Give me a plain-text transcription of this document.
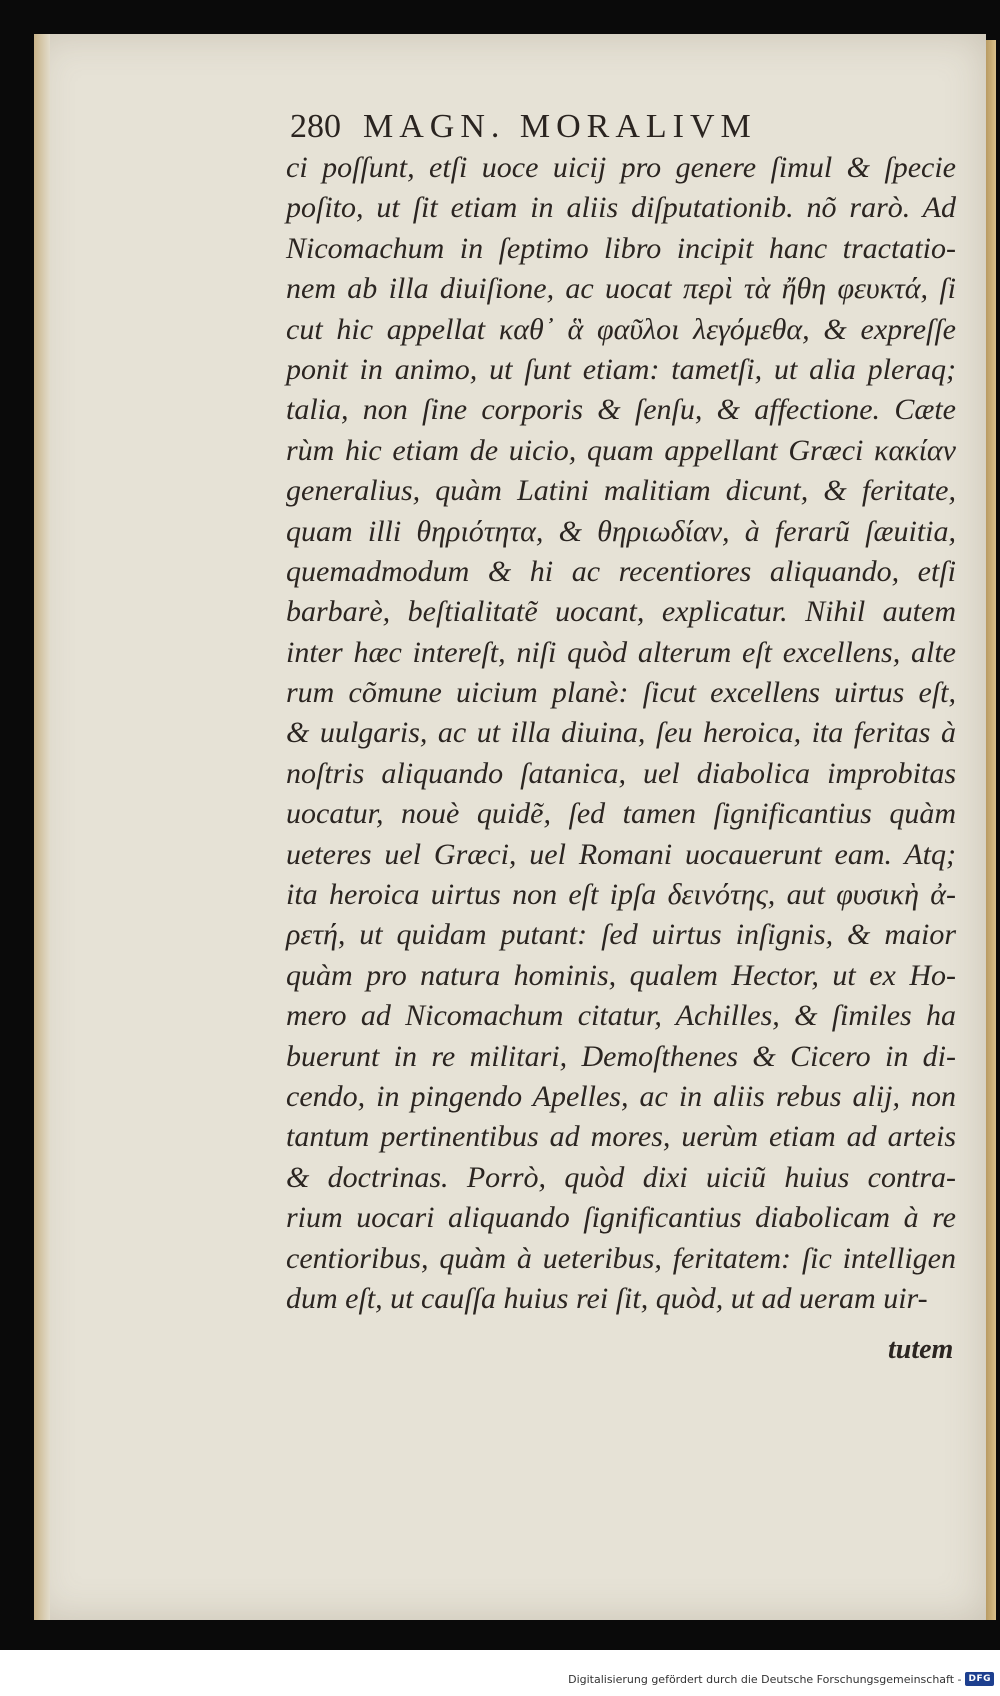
280 MAGN. MORALIVM
ci poſſunt, etſi uoce uicij pro genere ſimul & ſpecie
poſito, ut ſit etiam in aliis diſputationib. nõ rarò. Ad
Nicomachum in ſeptimo libro incipit hanc tractatio-
nem ab illa diuiſione, ac uocat περὶ τὰ ἤθη φευκτά, ſi
cut hic appellat καθ᾽ ἃ φαῦλοι λεγόμεθα, & expreſſe
ponit in animo, ut ſunt etiam: tametſi, ut alia pleraq;
talia, non ſine corporis & ſenſu, & affectione. Cæte
rùm hic etiam de uicio, quam appellant Græci κακίαν
generalius, quàm Latini malitiam dicunt, & feritate,
quam illi θηριότητα, & θηριωδίαν, à ferarũ ſæuitia,
quemadmodum & hi ac recentiores aliquando, etſi
barbarè, beſtialitatẽ uocant, explicatur. Nihil autem
inter hæc intereſt, niſi quòd alterum eſt excellens, alte
rum cõmune uicium planè: ſicut excellens uirtus eſt,
& uulgaris, ac ut illa diuina, ſeu heroica, ita feritas à
noſtris aliquando ſatanica, uel diabolica improbitas
uocatur, nouè quidẽ, ſed tamen ſignificantius quàm
ueteres uel Græci, uel Romani uocauerunt eam. Atq;
ita heroica uirtus non eſt ipſa δεινότης, aut φυσικὴ ἀ-
ρετή, ut quidam putant: ſed uirtus inſignis, & maior
quàm pro natura hominis, qualem Hector, ut ex Ho-
mero ad Nicomachum citatur, Achilles, & ſimiles ha
buerunt in re militari, Demoſthenes & Cicero in di-
cendo, in pingendo Apelles, ac in aliis rebus alij, non
tantum pertinentibus ad mores, uerùm etiam ad arteis
& doctrinas. Porrò, quòd dixi uiciũ huius contra-
rium uocari aliquando ſignificantius diabolicam à re
centioribus, quàm à ueteribus, feritatem: ſic intelligen
dum eſt, ut cauſſa huius rei ſit, quòd, ut ad ueram uir-
tutem
Digitalisierung gefördert durch die Deutsche Forschungsgemeinschaft - DFG
